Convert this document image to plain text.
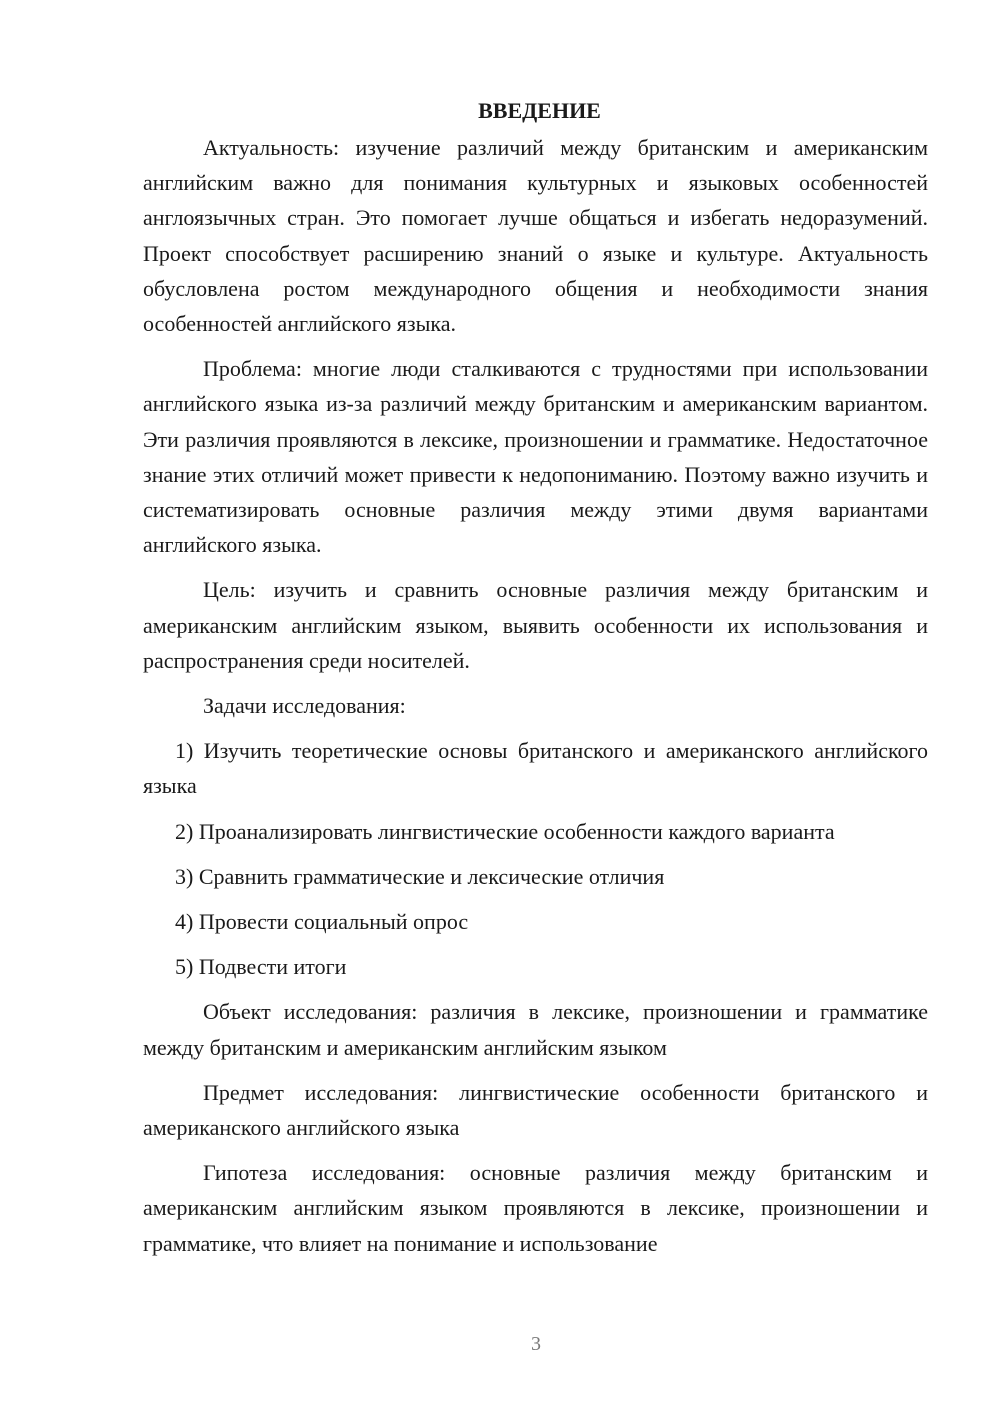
ВВЕДЕНИЕ

Актуальность: изучение различий между британским и американским английским важно для понимания культурных и языковых особенностей англоязычных стран. Это помогает лучше общаться и избегать недоразумений. Проект способствует расширению знаний о языке и культуре. Актуальность обусловлена ростом международного общения и необходимости знания особенностей английского языка.

Проблема: многие люди сталкиваются с трудностями при использовании английского языка из-за различий между британским и американским вариантом. Эти различия проявляются в лексике, произношении и грамматике. Недостаточное знание этих отличий может привести к недопониманию. Поэтому важно изучить и систематизировать основные различия между этими двумя вариантами английского языка.

Цель: изучить и сравнить основные различия между британским и американским английским языком, выявить особенности их использования и распространения среди носителей.

Задачи исследования:

1) Изучить теоретические основы британского и американского английского языка

2) Проанализировать лингвистические особенности каждого варианта

3) Сравнить грамматические и лексические отличия

4) Провести социальный опрос

5) Подвести итоги

Объект исследования: различия в лексике, произношении и грамматике между британским и американским английским языком

Предмет исследования: лингвистические особенности британского и американского английского языка

Гипотеза исследования: основные различия между британским и американским английским языком проявляются в лексике, произношении и грамматике, что влияет на понимание и использование

3
